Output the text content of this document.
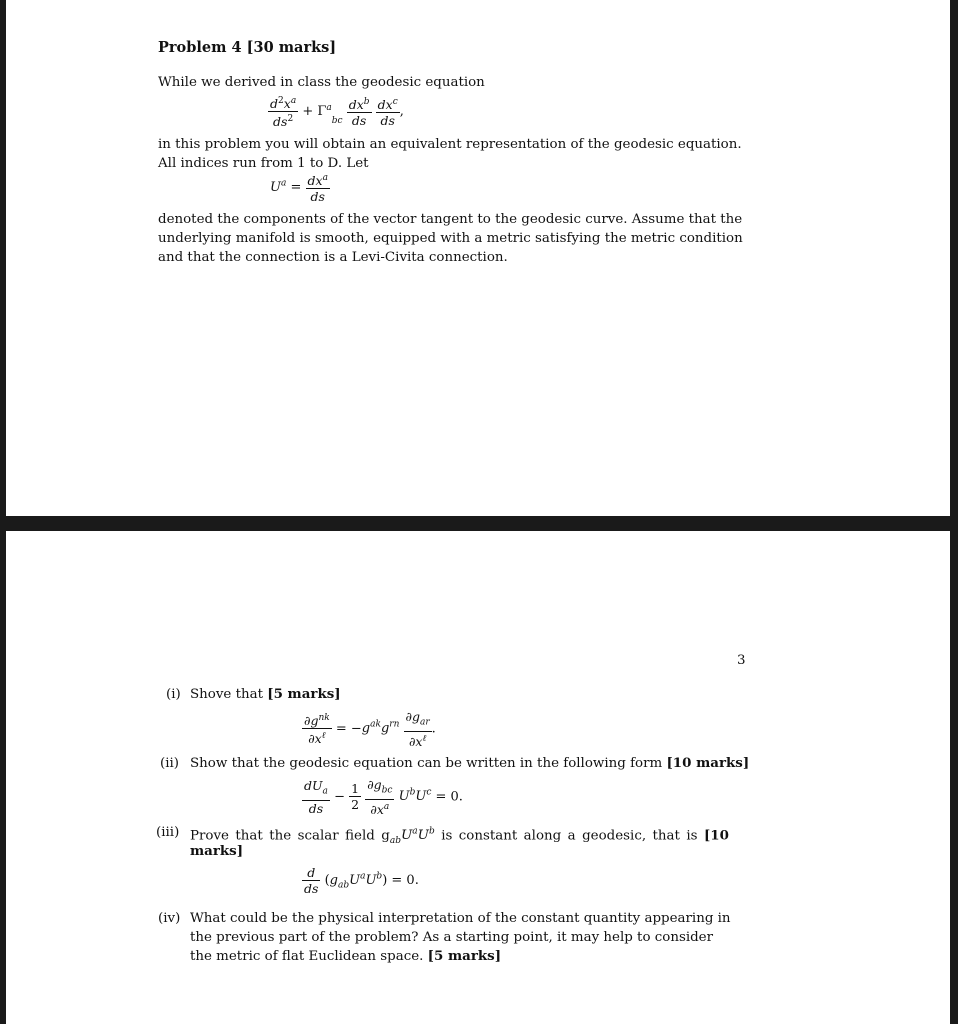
Problem 4 [30 marks]
While we derived in class the geodesic equation
$\frac{d^2x^a}{ds^2} + \Gamma^a_{bc} \frac{dx^b}{ds}$
$\frac{dx^c}{ds}$ ,
in this problem you will obtain an equivalent representation of the geodesic equation.
All indices run from 1 to D. Let
$U^a = \frac{dx^a}{ds}$
denoted the components of the vector tangent to the geodesic curve. Assume that the
underlying manifold is smooth, equipped with a metric satisfying the metric condition
and that the connection is a Levi-Civita connection.
3
(i) Shove that [5 marks]
$\frac{\partial g^{nk}}{\partial x^\ell} = -g^{ak}g^{rn} \frac{\partial g_{ar}}{\partial x^\ell}$ .
(ii) Show that the geodesic equation can be written in the following form [10 marks]
$\frac{dU_a}{ds} - \frac{1}{2}$
$\frac{\partial g_{bc}}{\partial x^a} U^bU^c = 0$.
(iii) Prove that the scalar field $g_{ab}U^aU^b$ is constant along a geodesic, that is [10
marks]
$\frac{d}{ds} (g_{ab}U^aU^b) = 0$.
(iv) What could be the physical interpretation of the constant quantity appearing in
the previous part of the problem? As a starting point, it may help to consider
the metric of flat Euclidean space. [5 marks]
